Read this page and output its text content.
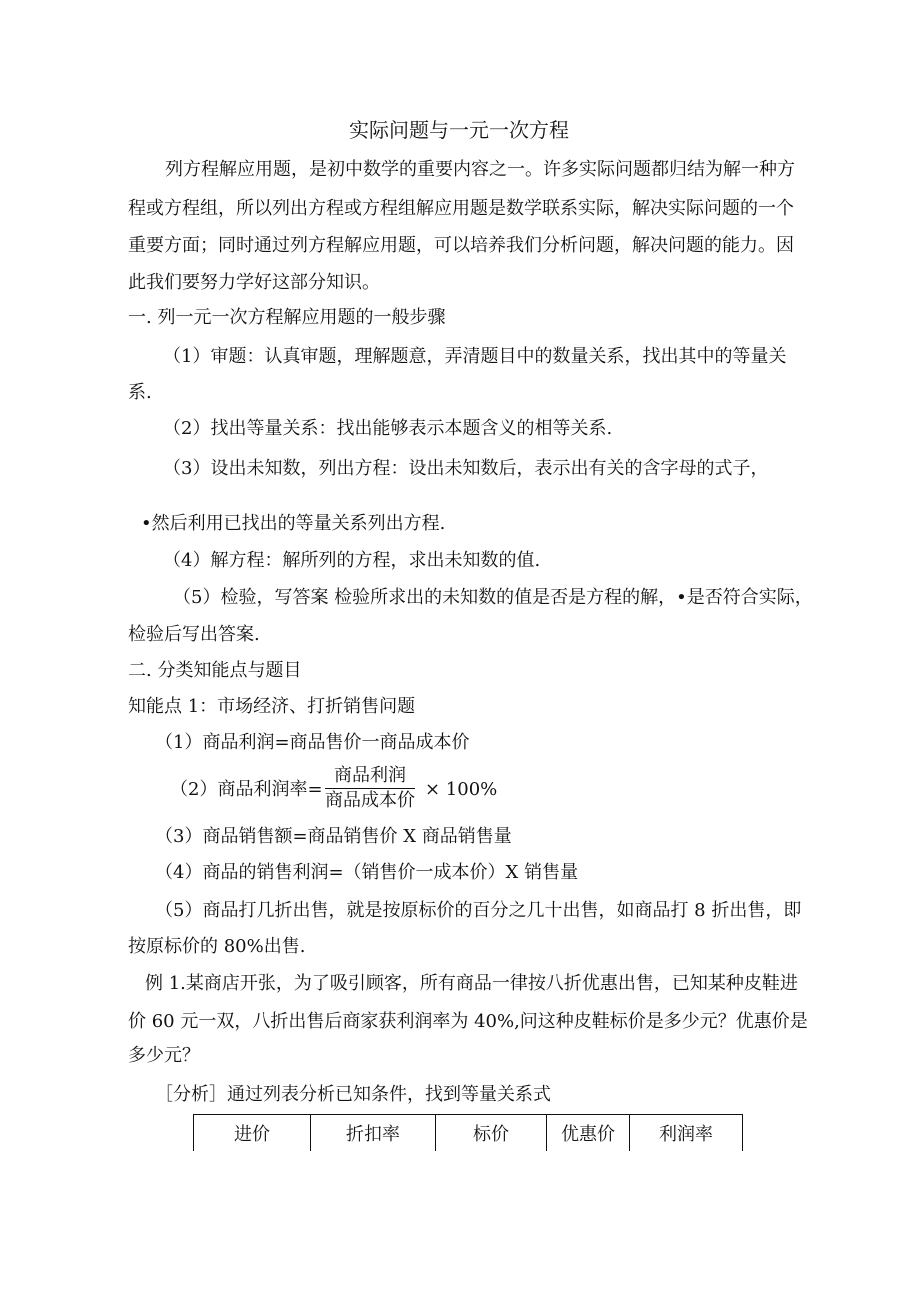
实际问题与一元一次方程
列方程解应用题，是初中数学的重要内容之一。许多实际问题都归结为解一种方
程或方程组，所以列出方程或方程组解应用题是数学联系实际，解决实际问题的一个
重要方面；同时通过列方程解应用题，可以培养我们分析问题，解决问题的能力。因
此我们要努力学好这部分知识。
一. 列一元一次方程解应用题的一般步骤
（1）审题：认真审题，理解题意，弄清题目中的数量关系，找出其中的等量关
系.
（2）找出等量关系：找出能够表示本题含义的相等关系.
（3）设出未知数，列出方程：设出未知数后，表示出有关的含字母的式子，
•然后利用已找出的等量关系列出方程.
（4）解方程：解所列的方程，求出未知数的值.
（5）检验，写答案 检验所求出的未知数的值是否是方程的解，•是否符合实际，
检验后写出答案.
二. 分类知能点与题目
知能点 1：市场经济、打折销售问题
（1）商品利润=商品售价一商品成本价
（2）商品利润率=
商品利润
商品成本价
× 100%
（3）商品销售额=商品销售价 X 商品销售量
（4）商品的销售利润=（销售价一成本价）X 销售量
（5）商品打几折出售，就是按原标价的百分之几十出售，如商品打 8 折出售，即
按原标价的 80%出售.
例 1.某商店开张，为了吸引顾客，所有商品一律按八折优惠出售，已知某种皮鞋进
价 60 元一双，八折出售后商家获利润率为 40%,问这种皮鞋标价是多少元？优惠价是
多少元？
［分析］通过列表分析已知条件，找到等量关系式
进价	折扣率	标价	优惠价	利润率
